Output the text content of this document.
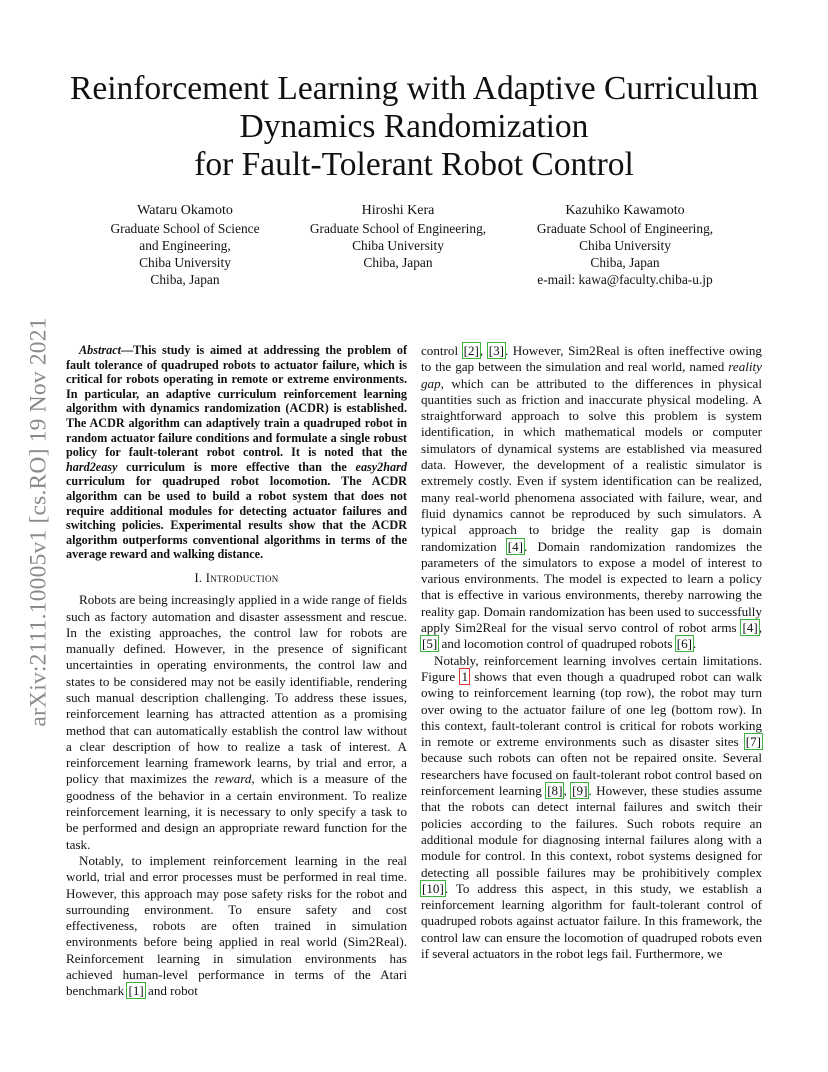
arXiv:2111.10005v1 [cs.RO] 19 Nov 2021
Reinforcement Learning with Adaptive Curriculum
Dynamics Randomization
for Fault-Tolerant Robot Control
Wataru Okamoto
Graduate School of Science
and Engineering,
Chiba University
Chiba, Japan
Hiroshi Kera
Graduate School of Engineering,
Chiba University
Chiba, Japan
Kazuhiko Kawamoto
Graduate School of Engineering,
Chiba University
Chiba, Japan
e-mail: kawa@faculty.chiba-u.jp

Abstract—This study is aimed at addressing the problem of fault tolerance of quadruped robots to actuator failure, which is critical for robots operating in remote or extreme environments. In particular, an adaptive curriculum reinforcement learning algorithm with dynamics randomization (ACDR) is established. The ACDR algorithm can adaptively train a quadruped robot in random actuator failure conditions and formulate a single robust policy for fault-tolerant robot control. It is noted that the hard2easy curriculum is more effective than the easy2hard curriculum for quadruped robot locomotion. The ACDR algorithm can be used to build a robot system that does not require additional modules for detecting actuator failures and switching policies. Experimental results show that the ACDR algorithm outperforms conventional algorithms in terms of the average reward and walking distance.

I. Introduction

Robots are being increasingly applied in a wide range of fields such as factory automation and disaster assessment and rescue. In the existing approaches, the control law for robots are manually defined. However, in the presence of significant uncertainties in operating environments, the control law and states to be considered may not be easily identifiable, rendering such manual description challenging. To address these issues, reinforcement learning has attracted attention as a promising method that can automatically establish the control law without a clear description of how to realize a task of interest. A reinforcement learning framework learns, by trial and error, a policy that maximizes the reward, which is a measure of the goodness of the behavior in a certain environment. To realize reinforcement learning, it is necessary to only specify a task to be performed and design an appropriate reward function for the task.

Notably, to implement reinforcement learning in the real world, trial and error processes must be performed in real time. However, this approach may pose safety risks for the robot and surrounding environment. To ensure safety and cost effectiveness, robots are often trained in simulation environments before being applied in real world (Sim2Real). Reinforcement learning in simulation environments has achieved human-level performance in terms of the Atari benchmark [1] and robot

control [2], [3]. However, Sim2Real is often ineffective owing to the gap between the simulation and real world, named reality gap, which can be attributed to the differences in physical quantities such as friction and inaccurate physical modeling. A straightforward approach to solve this problem is system identification, in which mathematical models or computer simulators of dynamical systems are established via measured data. However, the development of a realistic simulator is extremely costly. Even if system identification can be realized, many real-world phenomena associated with failure, wear, and fluid dynamics cannot be reproduced by such simulators. A typical approach to bridge the reality gap is domain randomization [4]. Domain randomization randomizes the parameters of the simulators to expose a model of interest to various environments. The model is expected to learn a policy that is effective in various environments, thereby narrowing the reality gap. Domain randomization has been used to successfully apply Sim2Real for the visual servo control of robot arms [4], [5] and locomotion control of quadruped robots [6].

Notably, reinforcement learning involves certain limitations. Figure 1 shows that even though a quadruped robot can walk owing to reinforcement learning (top row), the robot may turn over owing to the actuator failure of one leg (bottom row). In this context, fault-tolerant control is critical for robots working in remote or extreme environments such as disaster sites [7] because such robots can often not be repaired onsite. Several researchers have focused on fault-tolerant robot control based on reinforcement learning [8], [9]. However, these studies assume that the robots can detect internal failures and switch their policies according to the failures. Such robots require an additional module for diagnosing internal failures along with a module for control. In this context, robot systems designed for detecting all possible failures may be prohibitively complex [10]. To address this aspect, in this study, we establish a reinforcement learning algorithm for fault-tolerant control of quadruped robots against actuator failure. In this framework, the control law can ensure the locomotion of quadruped robots even if several actuators in the robot legs fail. Furthermore, we
